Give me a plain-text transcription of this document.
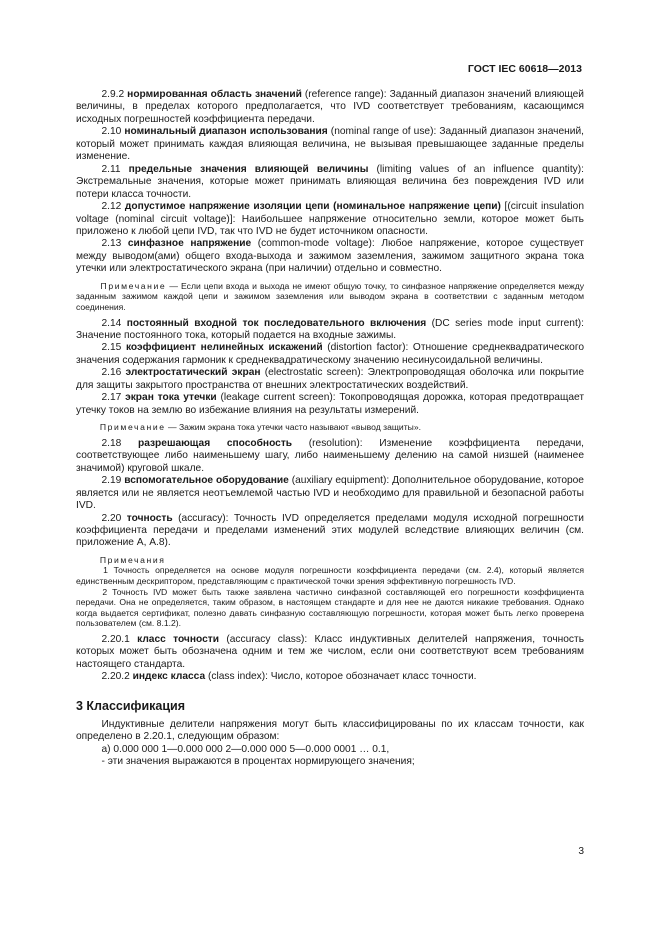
ГОСТ IEC 60618—2013

   2.9.2 нормированная область значений (reference range): Заданный диапазон значений влияющей величины, в пределах которого предполагается, что IVD соответствует требованиям, касающимся исходных погрешностей коэффициента передачи.

   2.10 номинальный диапазон использования (nominal range of use): Заданный диапазон значений, который может принимать каждая влияющая величина, не вызывая превышающее заданные пределы изменение.

   2.11 предельные значения влияющей величины (limiting values of an influence quantity): Экстремальные значения, которые может принимать влияющая величина без повреждения IVD или потери класса точности.

   2.12 допустимое напряжение изоляции цепи (номинальное напряжение цепи) [(circuit insulation voltage (nominal circuit voltage)]: Наибольшее напряжение относительно земли, которое может быть приложено к любой цепи IVD, так что IVD не будет источником опасности.

   2.13 синфазное напряжение (common-mode voltage): Любое напряжение, которое существует между выводом(ами) общего входа-выхода и зажимом заземления, зажимом защитного экрана тока утечки или электростатического экрана (при наличии) отдельно и совместно.

    Примечание — Если цепи входа и выхода не имеют общую точку, то синфазное напряжение определяется между заданным зажимом каждой цепи и зажимом заземления или выводом экрана в соответствии с заданным методом соединения.

   2.14 постоянный входной ток последовательного включения (DC series mode input current): Значение постоянного тока, который подается на входные зажимы.

   2.15 коэффициент нелинейных искажений (distortion factor): Отношение среднеквадратического значения содержания гармоник к среднеквадратическому значению несинусоидальной величины.

   2.16 электростатический экран (electrostatic screen): Электропроводящая оболочка или покрытие для защиты закрытого пространства от внешних электростатических воздействий.

   2.17 экран тока утечки (leakage current screen): Токопроводящая дорожка, которая предотвращает утечку токов на землю во избежание влияния на результаты измерений.

    Примечание — Зажим экрана тока утечки часто называют «вывод защиты».

   2.18 разрешающая способность (resolution): Изменение коэффициента передачи, соответствующее либо наименьшему шагу, либо наименьшему делению на самой низшей (наименее значимой) круговой шкале.

   2.19 вспомогательное оборудование (auxiliary equipment): Дополнительное оборудование, которое является или не является неотъемлемой частью IVD и необходимо для правильной и безопасной работы IVD.

   2.20 точность (accuracy): Точность IVD определяется пределами модуля исходной погрешности коэффициента передачи и пределами изменений этих модулей вследствие влияющих величин (см. приложение А, А.8).

    Примечания

    1 Точность определяется на основе модуля погрешности коэффициента передачи (см. 2.4), который является единственным дескриптором, представляющим с практической точки зрения эффективную погрешность IVD.

    2 Точность IVD может быть также заявлена частично синфазной составляющей его погрешности коэффициента передачи. Она не определяется, таким образом, в настоящем стандарте и для нее не даются никакие требования. Однако когда выдается сертификат, полезно давать синфазную составляющую погрешности, которая может быть легко проверена пользователем (см. 8.1.2).

   2.20.1 класс точности (accuracy class): Класс индуктивных делителей напряжения, точность которых может быть обозначена одним и тем же числом, если они соответствуют всем требованиям настоящего стандарта.

   2.20.2 индекс класса (class index): Число, которое обозначает класс точности.

3 Классификация

   Индуктивные делители напряжения могут быть классифицированы по их классам точности, как определено в 2.20.1, следующим образом:

   а) 0.000 000 1—0.000 000 2—0.000 000 5—0.000 0001 … 0.1,

   - эти значения выражаются в процентах нормирующего значения;

3
